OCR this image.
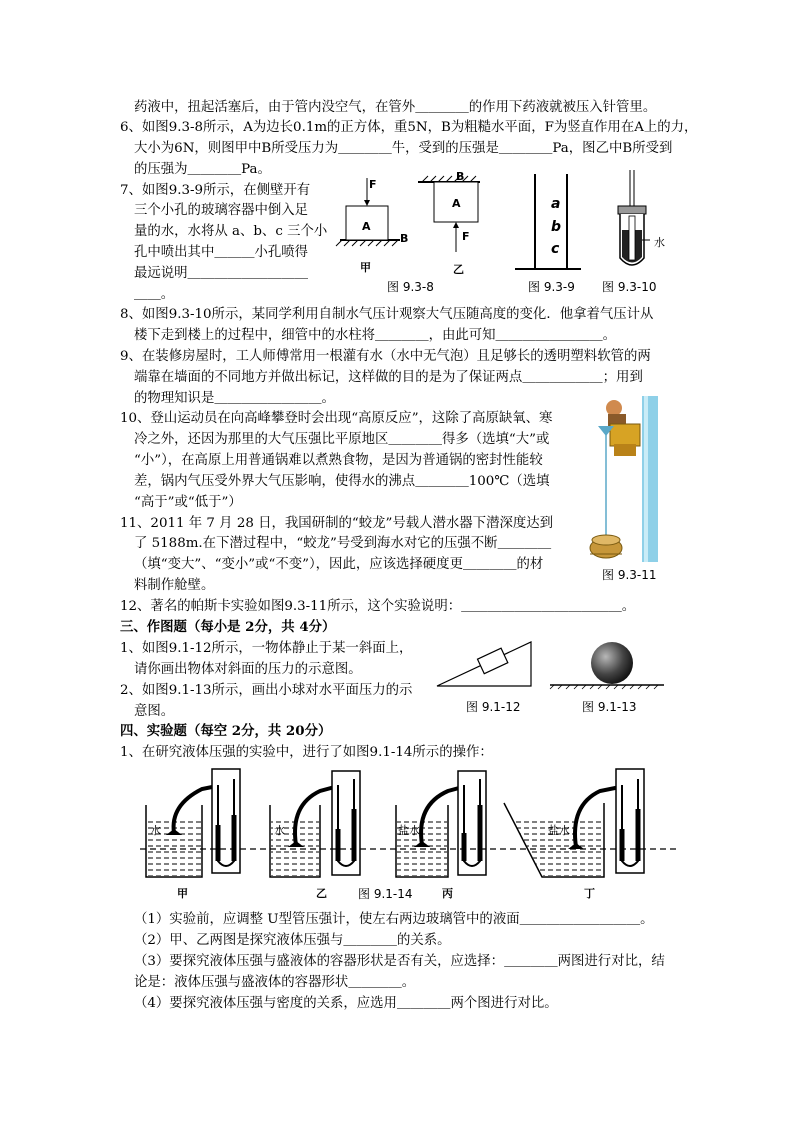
药液中，扭起活塞后，由于管内没空气，在管外＿＿＿＿的作用下药液就被压入针管里。
6、如图9.3-8所示，A为边长0.1m的正方体，重5N，B为粗糙水平面，F为竖直作用在A上的力，
大小为6N，则图甲中B所受压力为＿＿＿＿牛，受到的压强是＿＿＿＿Pa，图乙中B所受到
的压强为＿＿＿＿Pa。
7、如图9.3-9所示，在侧壁开有
三个小孔的玻璃容器中倒入足
量的水，水将从 a、b、c 三个小
孔中喷出其中＿＿＿小孔喷得
最远说明＿＿＿＿＿＿＿＿＿
＿＿。
8、如图9.3-10所示，某同学利用自制水气压计观察大气压随高度的变化．他拿着气压计从
楼下走到楼上的过程中，细管中的水柱将＿＿＿＿，由此可知＿＿＿＿＿＿＿＿。
9、在装修房屋时，工人师傅常用一根灌有水（水中无气泡）且足够长的透明塑料软管的两
端靠在墙面的不同地方并做出标记，这样做的目的是为了保证两点＿＿＿＿＿＿；用到
的物理知识是＿＿＿＿＿＿＿＿。
10、登山运动员在向高峰攀登时会出现“高原反应”，这除了高原缺氧、寒
冷之外，还因为那里的大气压强比平原地区＿＿＿＿得多（选填“大”或
“小”），在高原上用普通锅难以煮熟食物，是因为普通锅的密封性能较
差，锅内气压受外界大气压影响，使得水的沸点＿＿＿＿100℃（选填
“高于”或“低于”）
11、2011 年 7 月 28 日，我国研制的“蛟龙”号载人潜水器下潜深度达到
了 5188m.在下潜过程中，“蛟龙”号受到海水对它的压强不断＿＿＿＿
（填“变大”、“变小”或“不变”），因此，应该选择硬度更＿＿＿＿的材
料制作舱壁。
12、著名的帕斯卡实验如图9.3-11所示，这个实验说明：＿＿＿＿＿＿＿＿＿＿＿＿。
三、作图题（每小是 2分，共 4分）
1、如图9.1-12所示，一物体静止于某一斜面上，
请你画出物体对斜面的压力的示意图。
2、如图9.1-13所示，画出小球对水平面压力的示
意图。
四、实验题（每空 2分，共 20分）
1、在研究液体压强的实验中，进行了如图9.1-14所示的操作：
（1）实验前，应调整 U型管压强计，使左右两边玻璃管中的液面＿＿＿＿＿＿＿＿＿。
（2）甲、乙两图是探究液体压强与＿＿＿＿的关系。
（3）要探究液体压强与盛液体的容器形状是否有关，应选择：＿＿＿＿两图进行对比，结
论是：液体压强与盛液体的容器形状＿＿＿＿。
（4）要探究液体压强与密度的关系，应选用＿＿＿＿两个图进行对比。
F
B
A
A
B	F
甲	乙
图 9.3-8
a
b
c
图 9.3-9
水
图 9.3-10
图 9.3-11
图 9.1-12	图 9.1-13
水	水	盐水	盐水
甲	乙	图 9.1-14	丙	丁
